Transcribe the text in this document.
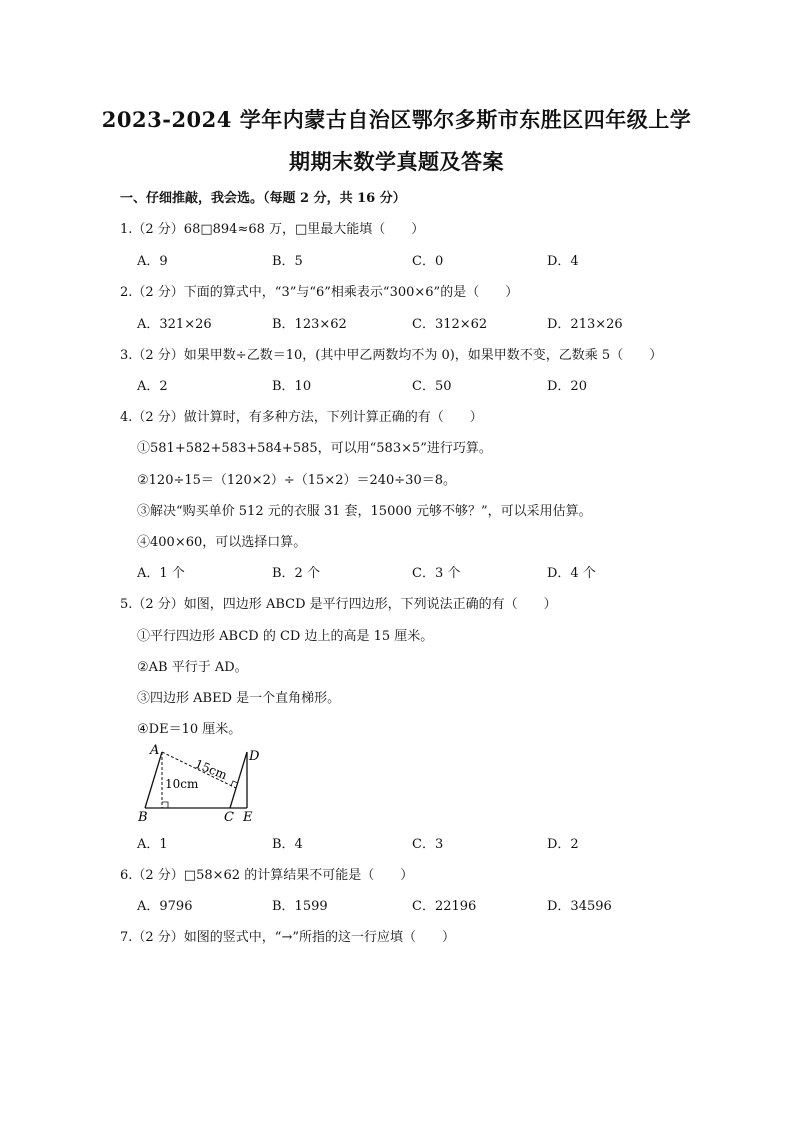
2023-2024 学年内蒙古自治区鄂尔多斯市东胜区四年级上学
期期末数学真题及答案
一、仔细推敲，我会选。（每题 2 分，共 16 分）
1.（2 分）68□894≈68 万，□里最大能填（　　）
A．9	B．5	C．0	D．4
2.（2 分）下面的算式中，“3”与“6”相乘表示“300×6”的是（　　）
A．321×26	B．123×62	C．312×62	D．213×26
3.（2 分）如果甲数÷乙数＝10，(其中甲乙两数均不为 0)，如果甲数不变，乙数乘 5（　　）
A．2	B．10	C．50	D．20
4.（2 分）做计算时，有多种方法，下列计算正确的有（　　）
①581+582+583+584+585，可以用“583×5”进行巧算。
②120÷15＝（120×2）÷（15×2）＝240÷30＝8。
③解决“购买单价 512 元的衣服 31 套，15000 元够不够？”，可以采用估算。
④400×60，可以选择口算。
A．1 个	B．2 个	C．3 个	D．4 个
5.（2 分）如图，四边形 ABCD 是平行四边形，下列说法正确的有（　　）
①平行四边形 ABCD 的 CD 边上的高是 15 厘米。
②AB 平行于 AD。
③四边形 ABED 是一个直角梯形。
④DE＝10 厘米。
A
B	C
D
E
15cm
10cm
A．1	B．4	C．3	D．2
6.（2 分）□58×62 的计算结果不可能是（　　）
A．9796	B．1599	C．22196	D．34596
7.（2 分）如图的竖式中，“→”所指的这一行应填（　　）
